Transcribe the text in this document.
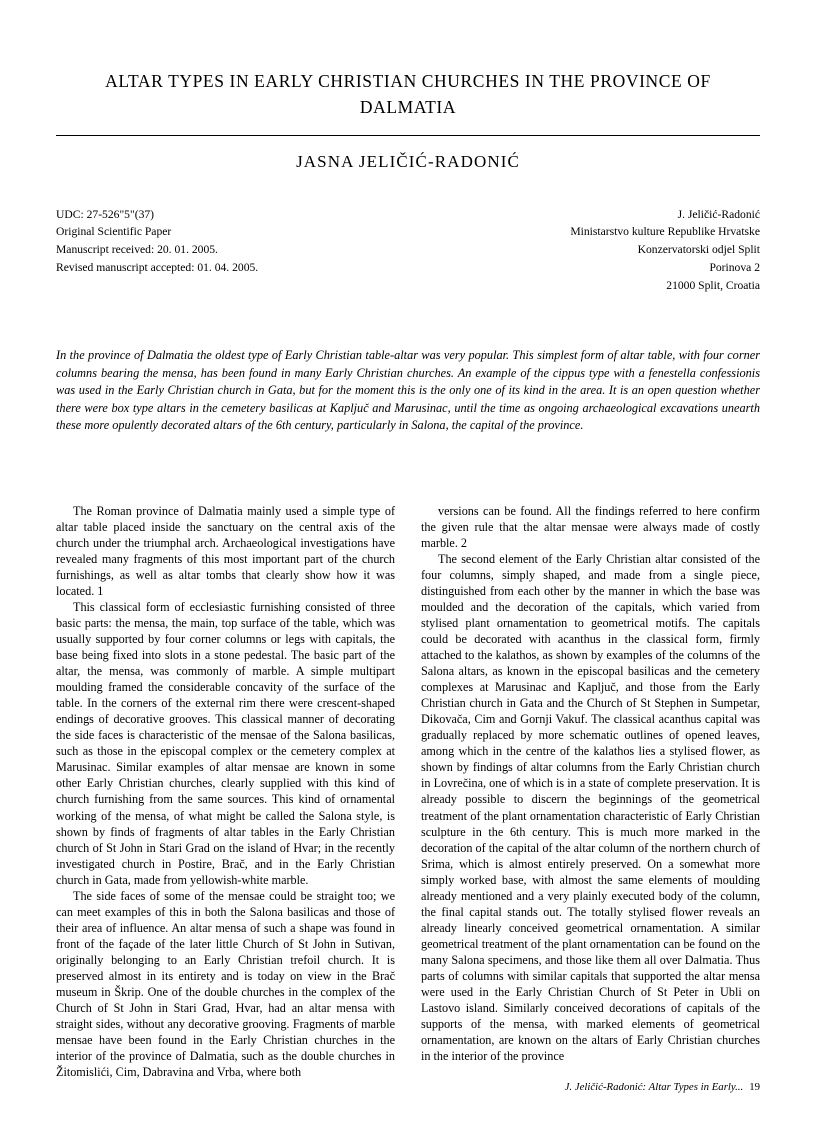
ALTAR TYPES IN EARLY CHRISTIAN CHURCHES IN THE PROVINCE OF DALMATIA
JASNA JELIČIĆ-RADONIĆ
UDC: 27-526"5"(37)
Original Scientific Paper
Manuscript received: 20. 01. 2005.
Revised manuscript accepted: 01. 04. 2005.
J. Jeličić-Radonić
Ministarstvo kulture Republike Hrvatske
Konzervatorski odjel Split
Porinova 2
21000 Split, Croatia
In the province of Dalmatia the oldest type of Early Christian table-altar was very popular. This simplest form of altar table, with four corner columns bearing the mensa, has been found in many Early Christian churches. An example of the cippus type with a fenestella confessionis was used in the Early Christian church in Gata, but for the moment this is the only one of its kind in the area. It is an open question whether there were box type altars in the cemetery basilicas at Kapljuč and Marusinac, until the time as ongoing archaeological excavations unearth these more opulently decorated altars of the 6th century, particularly in Salona, the capital of the province.

The Roman province of Dalmatia mainly used a simple type of altar table placed inside the sanctuary on the central axis of the church under the triumphal arch. Archaeological investigations have revealed many fragments of this most important part of the church furnishings, as well as altar tombs that clearly show how it was located. 1

This classical form of ecclesiastic furnishing consisted of three basic parts: the mensa, the main, top surface of the table, which was usually supported by four corner columns or legs with capitals, the base being fixed into slots in a stone pedestal. The basic part of the altar, the mensa, was commonly of marble. A simple multipart moulding framed the considerable concavity of the surface of the table. In the corners of the external rim there were crescent-shaped endings of decorative grooves. This classical manner of decorating the side faces is characteristic of the mensae of the Salona basilicas, such as those in the episcopal complex or the cemetery complex at Marusinac. Similar examples of altar mensae are known in some other Early Christian churches, clearly supplied with this kind of church furnishing from the same sources. This kind of ornamental working of the mensa, of what might be called the Salona style, is shown by finds of fragments of altar tables in the Early Christian church of St John in Stari Grad on the island of Hvar; in the recently investigated church in Postire, Brač, and in the Early Christian church in Gata, made from yellowish-white marble.

The side faces of some of the mensae could be straight too; we can meet examples of this in both the Salona basilicas and those of their area of influence. An altar mensa of such a shape was found in front of the façade of the later little Church of St John in Sutivan, originally belonging to an Early Christian trefoil church. It is preserved almost in its entirety and is today on view in the Brač museum in Škrip. One of the double churches in the complex of the Church of St John in Stari Grad, Hvar, had an altar mensa with straight sides, without any decorative grooving. Fragments of marble mensae have been found in the Early Christian churches in the interior of the province of Dalmatia, such as the double churches in Žitomislići, Cim, Dabravina and Vrba, where both

versions can be found. All the findings referred to here confirm the given rule that the altar mensae were always made of costly marble. 2

The second element of the Early Christian altar consisted of the four columns, simply shaped, and made from a single piece, distinguished from each other by the manner in which the base was moulded and the decoration of the capitals, which varied from stylised plant ornamentation to geometrical motifs. The capitals could be decorated with acanthus in the classical form, firmly attached to the kalathos, as shown by examples of the columns of the Salona altars, as known in the episcopal basilicas and the cemetery complexes at Marusinac and Kapljuč, and those from the Early Christian church in Gata and the Church of St Stephen in Sumpetar, Dikovača, Cim and Gornji Vakuf. The classical acanthus capital was gradually replaced by more schematic outlines of opened leaves, among which in the centre of the kalathos lies a stylised flower, as shown by findings of altar columns from the Early Christian church in Lovrečina, one of which is in a state of complete preservation. It is already possible to discern the beginnings of the geometrical treatment of the plant ornamentation characteristic of Early Christian sculpture in the 6th century. This is much more marked in the decoration of the capital of the altar column of the northern church of Srima, which is almost entirely preserved. On a somewhat more simply worked base, with almost the same elements of moulding already mentioned and a very plainly executed body of the column, the final capital stands out. The totally stylised flower reveals an already linearly conceived geometrical ornamentation. A similar geometrical treatment of the plant ornamentation can be found on the many Salona specimens, and those like them all over Dalmatia. Thus parts of columns with similar capitals that supported the altar mensa were used in the Early Christian Church of St Peter in Ubli on Lastovo island. Similarly conceived decorations of capitals of the supports of the mensa, with marked elements of geometrical ornamentation, are known on the altars of Early Christian churches in the interior of the province

J. Jeličić-Radonić: Altar Types in Early... 19
